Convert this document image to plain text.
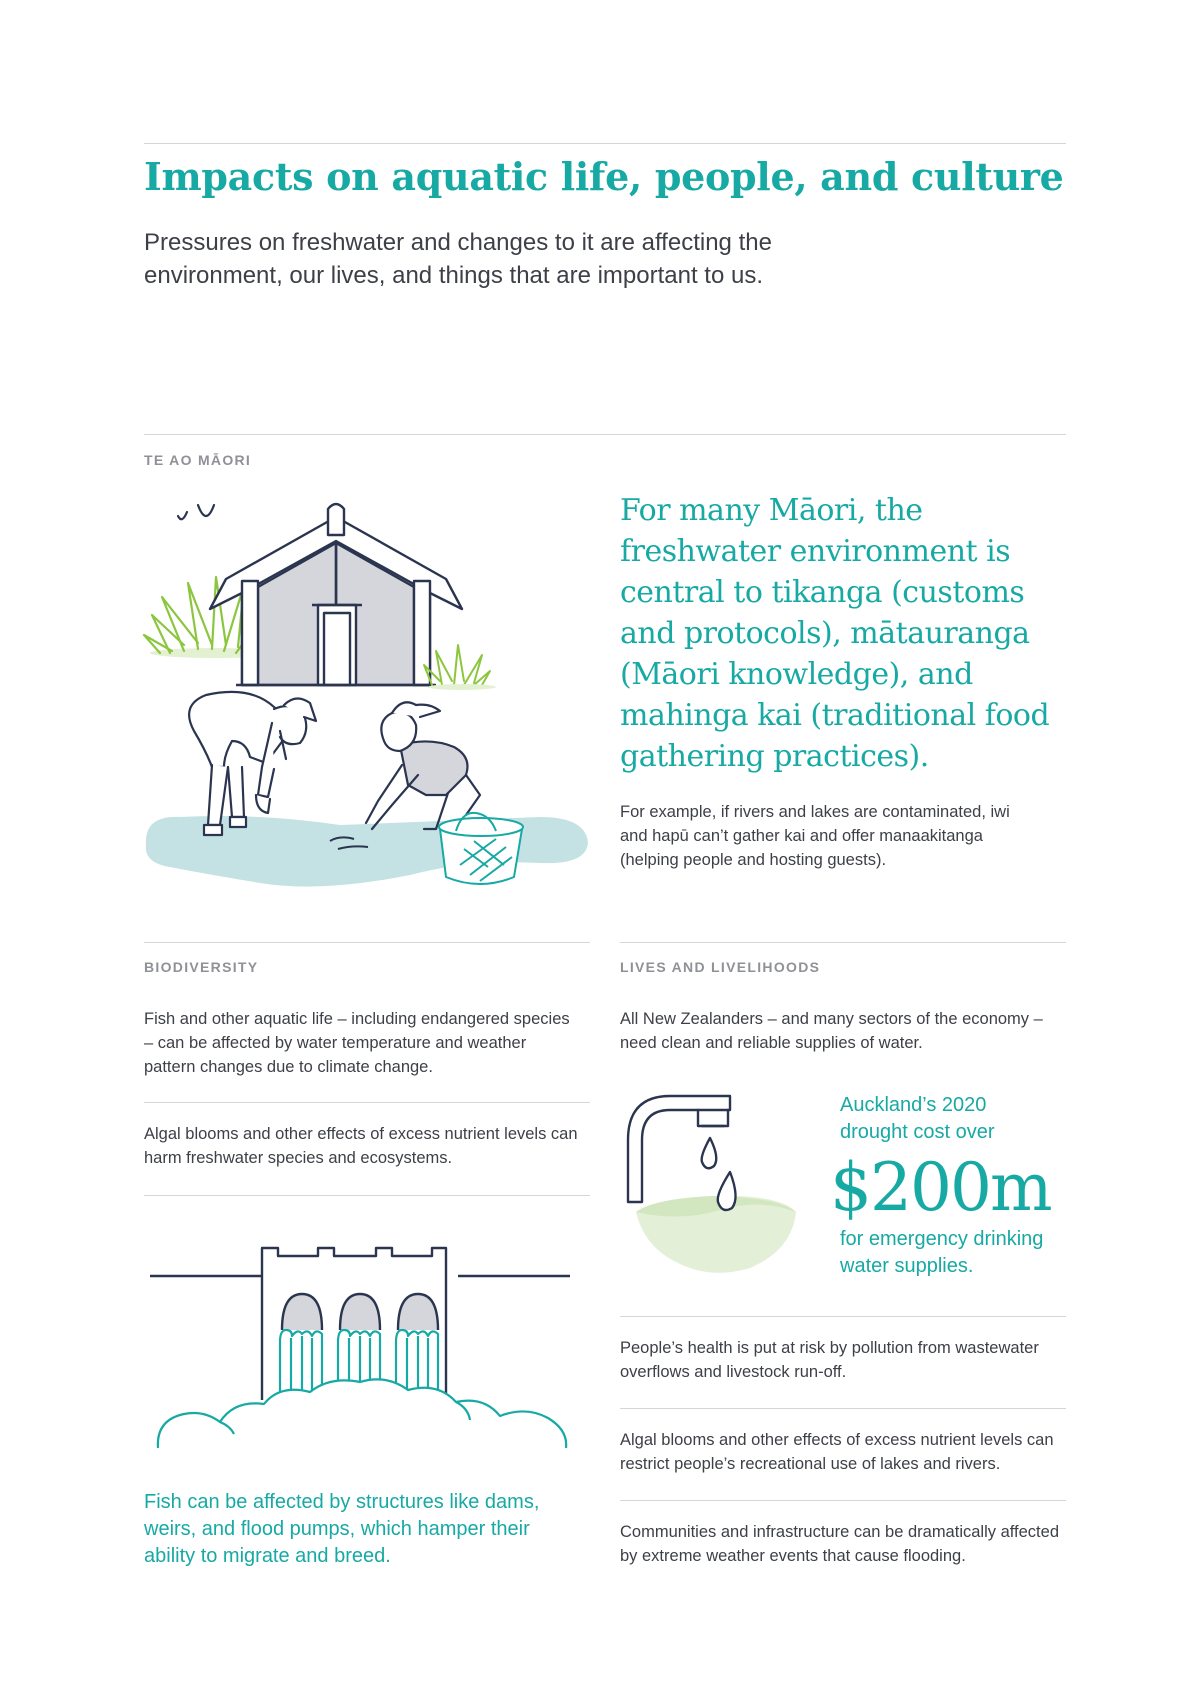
Impacts on aquatic life, people, and culture
Pressures on freshwater and changes to it are affecting the environment, our lives, and things that are important to us.
TE AO MĀORI
For many Māori, the freshwater environment is central to tikanga (customs and protocols), mātauranga (Māori knowledge), and mahinga kai (traditional food gathering practices).
For example, if rivers and lakes are contaminated, iwi and hapū can’t gather kai and offer manaakitanga (helping people and hosting guests).
BIODIVERSITY
Fish and other aquatic life – including endangered species – can be affected by water temperature and weather pattern changes due to climate change.
Algal blooms and other effects of excess nutrient levels can harm freshwater species and ecosystems.
Fish can be affected by structures like dams, weirs, and flood pumps, which hamper their ability to migrate and breed.
LIVES AND LIVELIHOODS
All New Zealanders – and many sectors of the economy – need clean and reliable supplies of water.
Auckland’s 2020 drought cost over
$200m
for emergency drinking water supplies.
People’s health is put at risk by pollution from wastewater overflows and livestock run-off.
Algal blooms and other effects of excess nutrient levels can restrict people’s recreational use of lakes and rivers.
Communities and infrastructure can be dramatically affected by extreme weather events that cause flooding.
